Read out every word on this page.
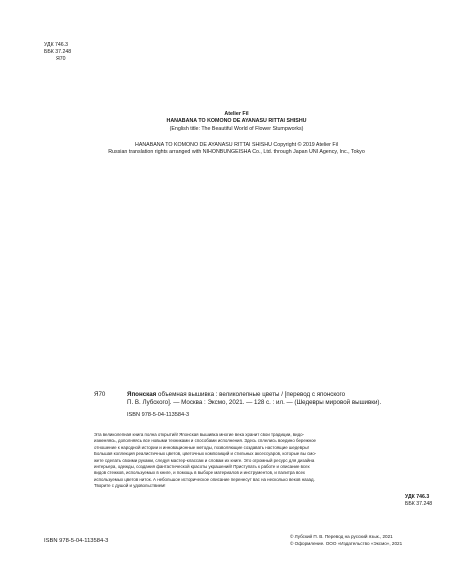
УДК 746.3
ББК 37.248
Я70
Atelier Fil
HANABANA TO KOMONO DE AYANASU RITTAI SHISHU
(English title: The Beautiful World of Flower Stumpworks)
HANABANA TO KOMONO DE AYANASU RITTAI SHISHU Copyright © 2019 Atelier Fil
Russian translation rights arranged with NIHONBUNGEISHA Co., Ltd. through Japan UNI Agency, Inc., Tokyo
Я70	Японская объемная вышивка : великолепные цветы / [перевод с японского
П. В. Лубского]. — Москва : Эксмо, 2021. — 128 с. : ил. — (Шедевры мировой вышивки).
ISBN 978-5-04-113584-3
Эта великолепная книга полна открытий! Японская вышивка многие века хранит свои традиции, видо-
изменяясь, дополняясь все новыми техниками и способами исполнения. Здесь сплелись воедино бережное
отношение к народной истории и инновационные методы, позволяющие создавать настоящие шедевры!
Большая коллекция реалистичных цветов, цветочных композиций и стильных аксессуаров, которые вы смо-
жете сделать своими руками, следуя мастер-классам и словам их книге. Это огромный ресурс для дизайна
интерьера, одежды, создания фантастической красоты украшений! Приступать к работе и описание всех
видов стежков, используемых в книге, и помощь в выборе материалов и инструментов, и палитра всех
используемых цветов ниток. А небольшое историческое описание перенесут вас на несколько веков назад.
Творите с душой и удовольствием!
УДК 746.3
ББК 37.248
ISBN 978-5-04-113584-3
© Лубский П. В. Перевод на русский язык., 2021
© Оформление. ООО «Издательство «Эксмо», 2021
